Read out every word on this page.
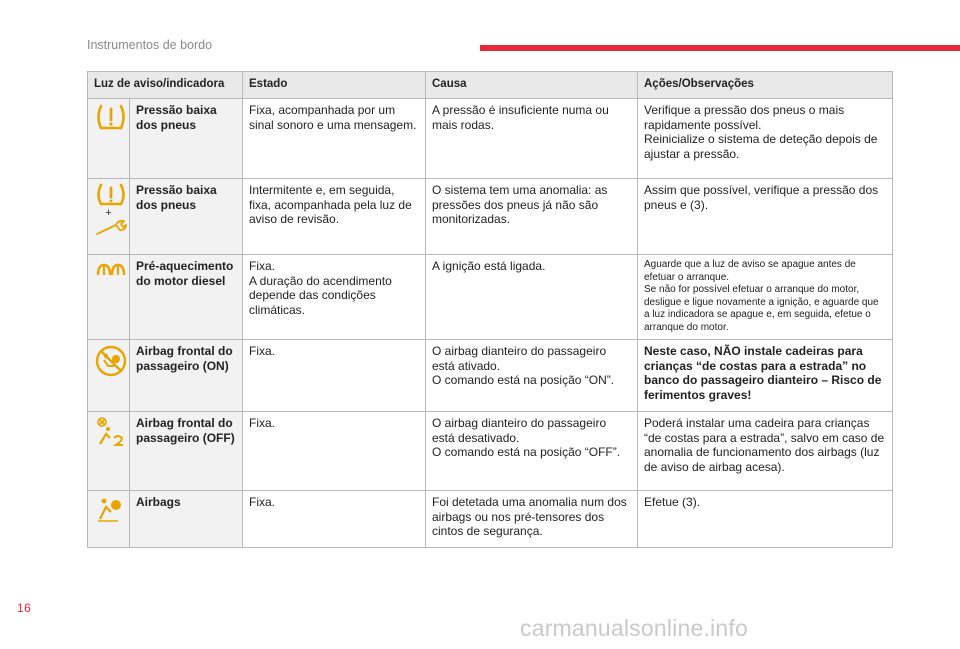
Instrumentos de bordo
Luz de aviso/indicadora		Estado	Causa	Ações/Observações

	Pressão baixa dos pneus	Fixa, acompanhada por um sinal sonoro e uma mensagem.	A pressão é insuficiente numa ou mais rodas.	Verifique a pressão dos pneus o mais rapidamente possível.
Reinicialize o sistema de deteção depois de ajustar a pressão.

+	Pressão baixa dos pneus	Intermitente e, em seguida, fixa, acompanhada pela luz de aviso de revisão.	O sistema tem uma anomalia: as pressões dos pneus já não são monitorizadas.	Assim que possível, verifique a pressão dos pneus e (3).

	Pré-aquecimento do motor diesel	Fixa.
A duração do acendimento depende das condições climáticas.	A ignição está ligada.	Aguarde que a luz de aviso se apague antes de efetuar o arranque.
Se não for possível efetuar o arranque do motor, desligue e ligue novamente a ignição, e aguarde que a luz indicadora se apague e, em seguida, efetue o arranque do motor.

	Airbag frontal do passageiro (ON)	Fixa.	O airbag dianteiro do passageiro está ativado.
O comando está na posição “ON”.	Neste caso, NÃO instale cadeiras para crianças “de costas para a estrada” no banco do passageiro dianteiro – Risco de ferimentos graves!

	Airbag frontal do passageiro (OFF)	Fixa.	O airbag dianteiro do passageiro está desativado.
O comando está na posição “OFF”.	Poderá instalar uma cadeira para crianças “de costas para a estrada”, salvo em caso de anomalia de funcionamento dos airbags (luz de aviso de airbag acesa).

	Airbags	Fixa.	Foi detetada uma anomalia num dos airbags ou nos pré-tensores dos cintos de segurança.	Efetue (3).
16
carmanualsonline.info
